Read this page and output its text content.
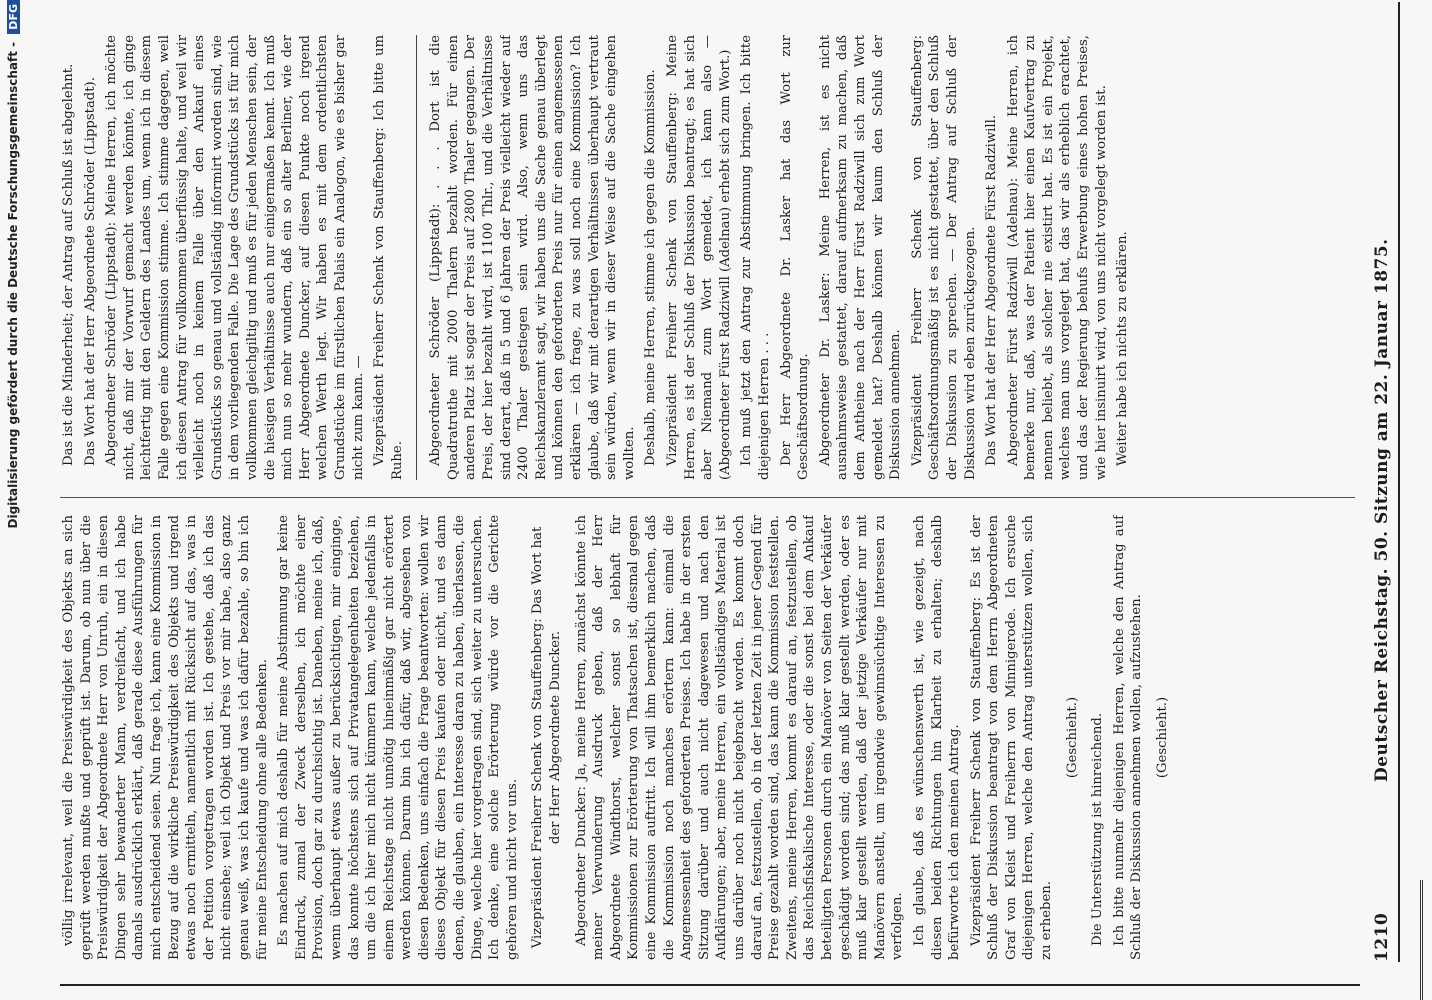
1210
Deutscher Reichstag. 50. Sitzung am 22. Januar 1875.

völlig irrelevant, weil die Preiswürdigkeit des Objekts an sich geprüft werden mußte und geprüft ist. Darum, ob nun über die Preiswürdigkeit der Abgeordnete Herr von Unruh, ein in diesen Dingen sehr bewanderter Mann, verdreifacht, und ich habe damals ausdrücklich erklärt, daß gerade diese Ausführungen für mich entscheidend seien. Nun frage ich, kann eine Kommission in Bezug auf die wirkliche Preiswürdigkeit des Objekts und irgend etwas noch ermitteln, namentlich mit Rücksicht auf das, was in der Petition vorgetragen worden ist. Ich gestehe, daß ich das nicht einsehe; weil ich Objekt und Preis vor mir habe, also ganz genau weiß, was ich kaufe und was ich dafür bezahle, so bin ich für meine Entscheidung ohne alle Bedenken. Es machen auf mich deshalb für meine Abstimmung gar keine Eindruck, zumal der Zweck derselben, ich möchte einer Provision, doch gar zu durchsichtig ist. Daneben, meine ich, daß, wenn überhaupt etwas außer zu berücksichtigen, mir einginge, das konnte höchstens sich auf Privatangelegenheiten beziehen, um die ich hier mich nicht kümmern kann, welche jedenfalls in einem Reichstage nicht unnötig hineinmäßig gar nicht erörtert werden können. Darum bin ich dafür, daß wir, abgesehen von diesen Bedenken, uns einfach die Frage beantworten: wollen wir dieses Objekt für diesen Preis kaufen oder nicht, und es dann denen, die glauben, ein Interesse daran zu haben, überlassen, die Dinge, welche hier vorgetragen sind, sich weiter zu untersuchen. Ich denke, eine solche Erörterung würde vor die Gerichte gehören und nicht vor uns. Vizepräsident Freiherr Schenk von Stauffenberg: Das Wort hat der Herr Abgeordnete Duncker. Abgeordneter Duncker: Ja, meine Herren, zunächst könnte ich meiner Verwunderung Ausdruck geben, daß der Herr Abgeordnete Windthorst, welcher sonst so lebhaft für Kommissionen zur Erörterung von Thatsachen ist, diesmal gegen eine Kommission auftritt. Ich will ihm bemerklich machen, daß die Kommission noch manches erörtern kann: einmal die Angemessenheit des geforderten Preises. Ich habe in der ersten Sitzung darüber und auch nicht dagewesen und nach den Aufklärungen; aber, meine Herren, ein vollständiges Material ist uns darüber noch nicht beigebracht worden. Es kommt doch darauf an, festzustellen, ob in der letzten Zeit in jener Gegend für Preise gezahlt worden sind, das kann die Kommission feststellen. Zweitens, meine Herren, kommt es darauf an, festzustellen, ob das Reichsfiskalische Interesse, oder die sonst bei dem Ankauf beteiligten Personen durch ein Manöver von Seiten der Verkäufer geschädigt worden sind; das muß klar gestellt werden, oder es muß klar gestellt werden, daß der jetzige Verkäufer nur mit Manövern anstellt, um irgendwie gewinnsüchtige Interessen zu verfolgen. Ich glaube, daß es wünschenswerth ist, wie gezeigt, nach diesen beiden Richtungen hin Klarheit zu erhalten; deshalb befürworte ich den meinen Antrag. Vizepräsident Freiherr Schenk von Stauffenberg: Es ist der Schluß der Diskussion beantragt von dem Herrn Abgeordneten Graf von Kleist und Freiherrn von Minnigerode. Ich ersuche diejenigen Herren, welche den Antrag unterstützen wollen, sich zu erheben.

(Geschieht.) Die Unterstützung ist hinreichend. Ich bitte nunmehr diejenigen Herren, welche den Antrag auf Schluß der Diskussion annehmen wollen, aufzustehen. (Geschieht.)

Das ist die Minderheit; der Antrag auf Schluß ist abgelehnt. Das Wort hat der Herr Abgeordnete Schröder (Lippstadt). Abgeordneter Schröder (Lippstadt): Meine Herren, ich möchte nicht, daß mir der Vorwurf gemacht werden könnte, ich ginge leichtfertig mit den Geldern des Landes um, wenn ich in diesem Falle gegen eine Kommission stimme. Ich stimme dagegen, weil ich diesen Antrag für vollkommen überflüssig halte, und weil wir vielleicht noch in keinem Falle über den Ankauf eines Grundstücks so genau und vollständig informirt worden sind, wie in dem vorliegenden Falle. Die Lage des Grundstücks ist für mich vollkommen gleichgiltig und muß es für jeden Menschen sein, der die hiesigen Verhältnisse auch nur einigermaßen kennt. Ich muß mich nun so mehr wundern, daß ein so alter Berliner, wie der Herr Abgeordnete Duncker, auf diesen Punkte noch irgend welchen Werth legt. Wir haben es mit dem ordentlichsten Grundstücke im fürstlichen Palais ein Analogon, wie es bisher gar nicht zum kann. — Vizepräsident Freiherr Schenk von Stauffenberg: Ich bitte um Ruhe. Abgeordneter Schröder (Lippstadt): . . . Dort ist die Quadratruthe mit 2000 Thalern bezahlt worden. Für einen anderen Platz ist sogar der Preis auf 2800 Thaler gegangen. Der Preis, der hier bezahlt wird, ist 1100 Thlr., und die Verhältnisse sind derart, daß in 5 und 6 Jahren der Preis vielleicht wieder auf 2400 Thaler gestiegen sein wird. Also, wenn uns das Reichskanzleramt sagt, wir haben uns die Sache genau überlegt und können den geforderten Preis nur für einen angemessenen erklären — ich frage, zu was soll noch eine Kommission? Ich glaube, daß wir mit derartigen Verhältnissen überhaupt vertraut sein würden, wenn wir in dieser Weise auf die Sache eingehen wollten. Deshalb, meine Herren, stimme ich gegen die Kommission. Vizepräsident Freiherr Schenk von Stauffenberg: Meine Herren, es ist der Schluß der Diskussion beantragt; es hat sich aber Niemand zum Wort gemeldet, ich kann also — (Abgeordneter Fürst Radziwill (Adelnau) erhebt sich zum Wort.) Ich muß jetzt den Antrag zur Abstimmung bringen. Ich bitte diejenigen Herren . . . Der Herr Abgeordnete Dr. Lasker hat das Wort zur Geschäftsordnung. Abgeordneter Dr. Lasker: Meine Herren, ist es nicht ausnahmsweise gestattet, darauf aufmerksam zu machen, daß dem Antheine nach der Herr Fürst Radziwill sich zum Wort gemeldet hat? Deshalb können wir kaum den Schluß der Diskussion annehmen. Vizepräsident Freiherr Schenk von Stauffenberg: Geschäftsordnungsmäßig ist es nicht gestattet, über den Schluß der Diskussion zu sprechen. — Der Antrag auf Schluß der Diskussion wird eben zurückgezogen. Das Wort hat der Herr Abgeordnete Fürst Radziwill. Abgeordneter Fürst Radziwill (Adelnau): Meine Herren, ich bemerke nur, daß, was der Patient hier einen Kaufvertrag zu nennen beliebt, als solcher nie existirt hat. Es ist ein Projekt, welches man uns vorgelegt hat, das wir als erheblich erachtet, und das der Regierung behufs Erwerbung eines hohen Preises, wie hier insinuirt wird, von uns nicht vorgelegt worden ist. Weiter habe ich nichts zu erklären.

Digitalisierung gefördert durch die Deutsche Forschungsgemeinschaft - DFG
